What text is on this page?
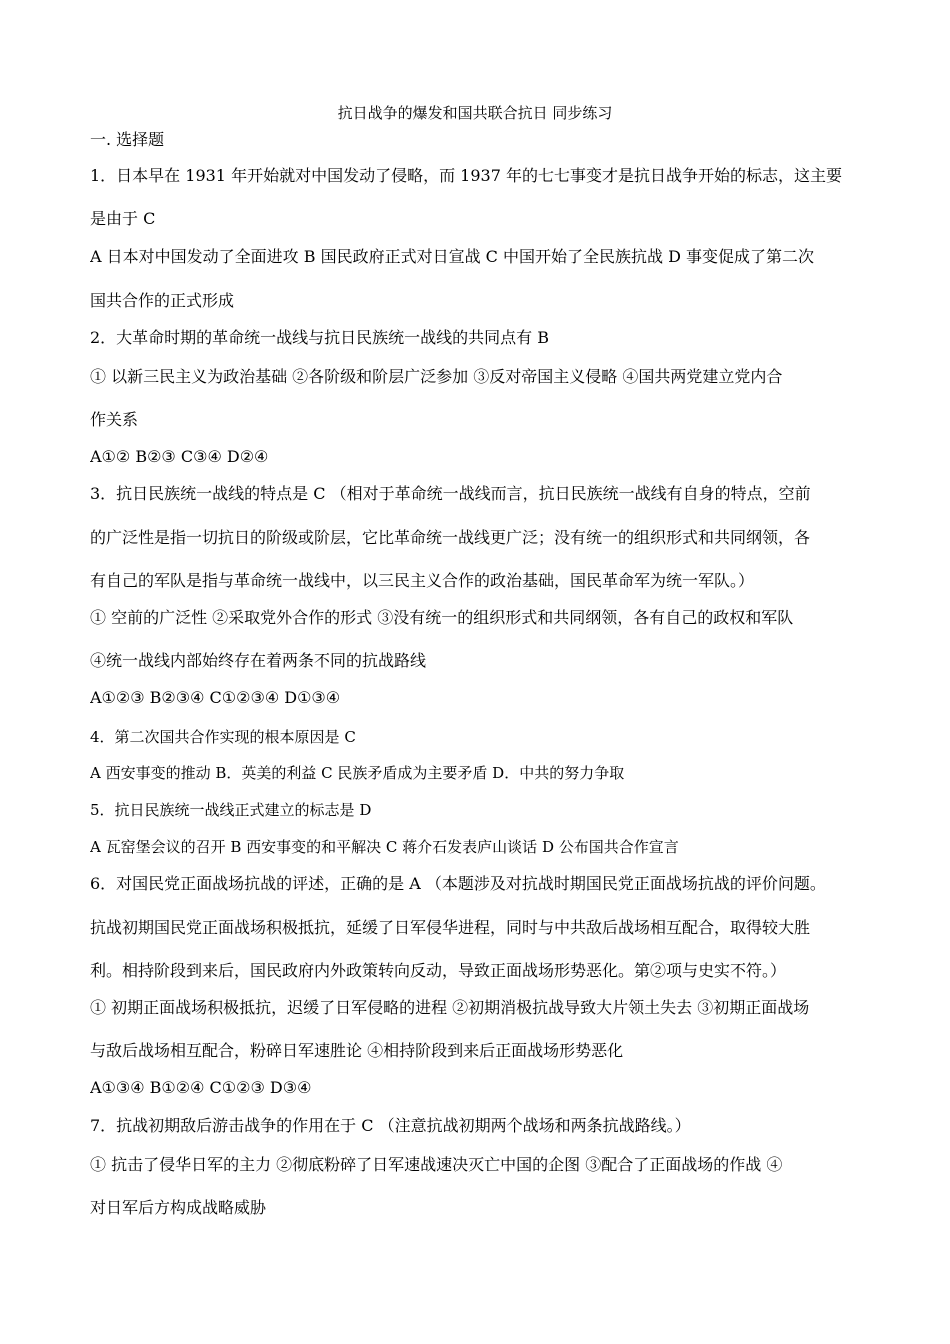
抗日战争的爆发和国共联合抗日 同步练习
一. 选择题
1．日本早在 1931 年开始就对中国发动了侵略，而 1937 年的七七事变才是抗日战争开始的标志，这主要
是由于 C
A 日本对中国发动了全面进攻 B 国民政府正式对日宣战 C 中国开始了全民族抗战 D 事变促成了第二次
国共合作的正式形成
2．大革命时期的革命统一战线与抗日民族统一战线的共同点有 B
① 以新三民主义为政治基础 ②各阶级和阶层广泛参加 ③反对帝国主义侵略 ④国共两党建立党内合
作关系
A①② B②③ C③④ D②④
3．抗日民族统一战线的特点是 C （相对于革命统一战线而言，抗日民族统一战线有自身的特点，空前
的广泛性是指一切抗日的阶级或阶层，它比革命统一战线更广泛；没有统一的组织形式和共同纲领，各
有自己的军队是指与革命统一战线中，以三民主义合作的政治基础，国民革命军为统一军队。）
① 空前的广泛性 ②采取党外合作的形式 ③没有统一的组织形式和共同纲领，各有自己的政权和军队
④统一战线内部始终存在着两条不同的抗战路线
A①②③ B②③④ C①②③④ D①③④
4．第二次国共合作实现的根本原因是 C
A 西安事变的推动 B．英美的利益 C 民族矛盾成为主要矛盾 D．中共的努力争取
5．抗日民族统一战线正式建立的标志是 D
A 瓦窑堡会议的召开 B 西安事变的和平解决 C 蒋介石发表庐山谈话 D 公布国共合作宣言
6．对国民党正面战场抗战的评述，正确的是 A （本题涉及对抗战时期国民党正面战场抗战的评价问题。
抗战初期国民党正面战场积极抵抗，延缓了日军侵华进程，同时与中共敌后战场相互配合，取得较大胜
利。相持阶段到来后，国民政府内外政策转向反动，导致正面战场形势恶化。第②项与史实不符。）
① 初期正面战场积极抵抗，迟缓了日军侵略的进程 ②初期消极抗战导致大片领土失去 ③初期正面战场
与敌后战场相互配合，粉碎日军速胜论 ④相持阶段到来后正面战场形势恶化
A①③④ B①②④ C①②③ D③④
7．抗战初期敌后游击战争的作用在于 C （注意抗战初期两个战场和两条抗战路线。）
① 抗击了侵华日军的主力 ②彻底粉碎了日军速战速决灭亡中国的企图 ③配合了正面战场的作战 ④
对日军后方构成战略威胁
